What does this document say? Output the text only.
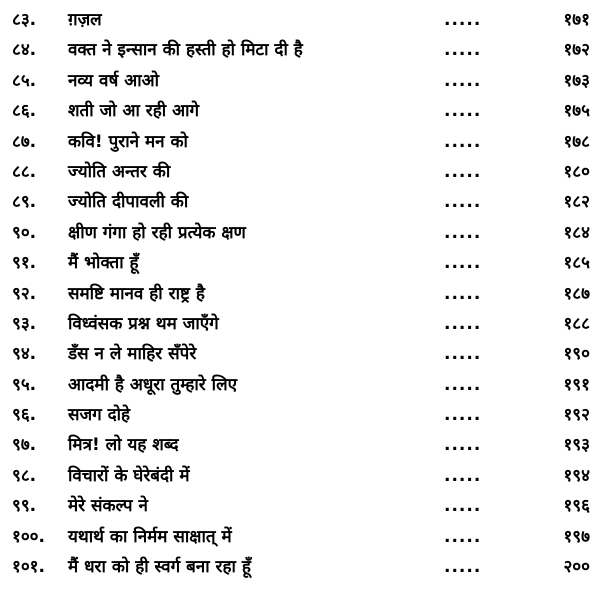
८३. ग़ज़ल	.....	१७१
८४. वक्त ने इन्सान की हस्ती हो मिटा दी है	.....	१७२
८५. नव्य वर्ष आओ	.....	१७३
८६. शती जो आ रही आगे	.....	१७५
८७. कवि! पुराने मन को	.....	१७८
८८. ज्योति अन्तर की	.....	१८०
८९. ज्योति दीपावली की	.....	१८२
९०. क्षीण गंगा हो रही प्रत्येक क्षण	.....	१८४
९१. मैं भोक्ता हूँ	.....	१८५
९२. समष्टि मानव ही राष्ट्र है	.....	१८७
९३. विध्वंसक प्रश्न थम जाएँगे	.....	१८८
९४. डँस न ले माहिर सँपेरे	.....	१९०
९५. आदमी है अधूरा तुम्हारे लिए	.....	१९१
९६. सजग दोहे	.....	१९२
९७. मित्र! लो यह शब्द	.....	१९३
९८. विचारों के घेरेबंदी में	.....	१९४
९९. मेरे संकल्प ने	.....	१९६
१००. यथार्थ का निर्मम साक्षात् में	.....	१९७
१०१. मैं धरा को ही स्वर्ग बना रहा हूँ	.....	२००
